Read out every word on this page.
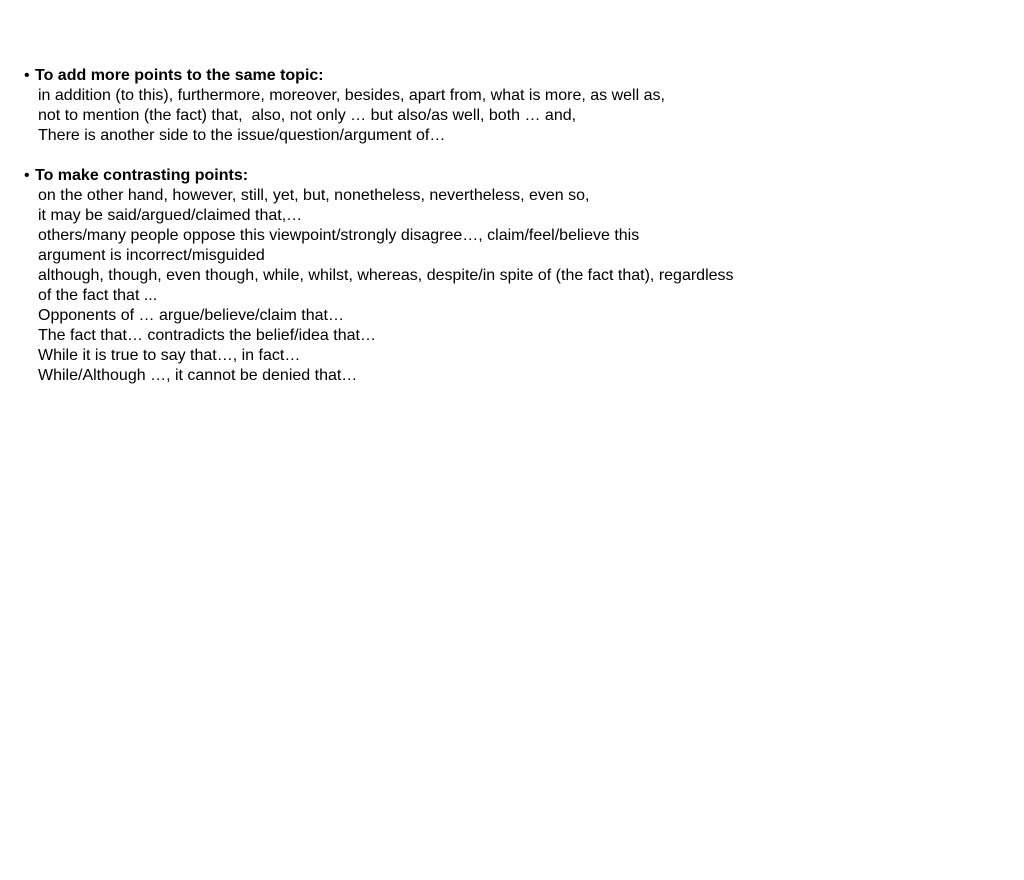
• To add more points to the same topic:
in addition (to this), furthermore, moreover, besides, apart from, what is more, as well as,
not to mention (the fact) that,  also, not only … but also/as well, both … and,
There is another side to the issue/question/argument of…
• To make contrasting points:
on the other hand, however, still, yet, but, nonetheless, nevertheless, even so,
it may be said/argued/claimed that,…
others/many people oppose this viewpoint/strongly disagree…, claim/feel/believe this
argument is incorrect/misguided
although, though, even though, while, whilst, whereas, despite/in spite of (the fact that), regardless
of the fact that ...
Opponents of … argue/believe/claim that…
The fact that… contradicts the belief/idea that…
While it is true to say that…, in fact…
While/Although …, it cannot be denied that…
